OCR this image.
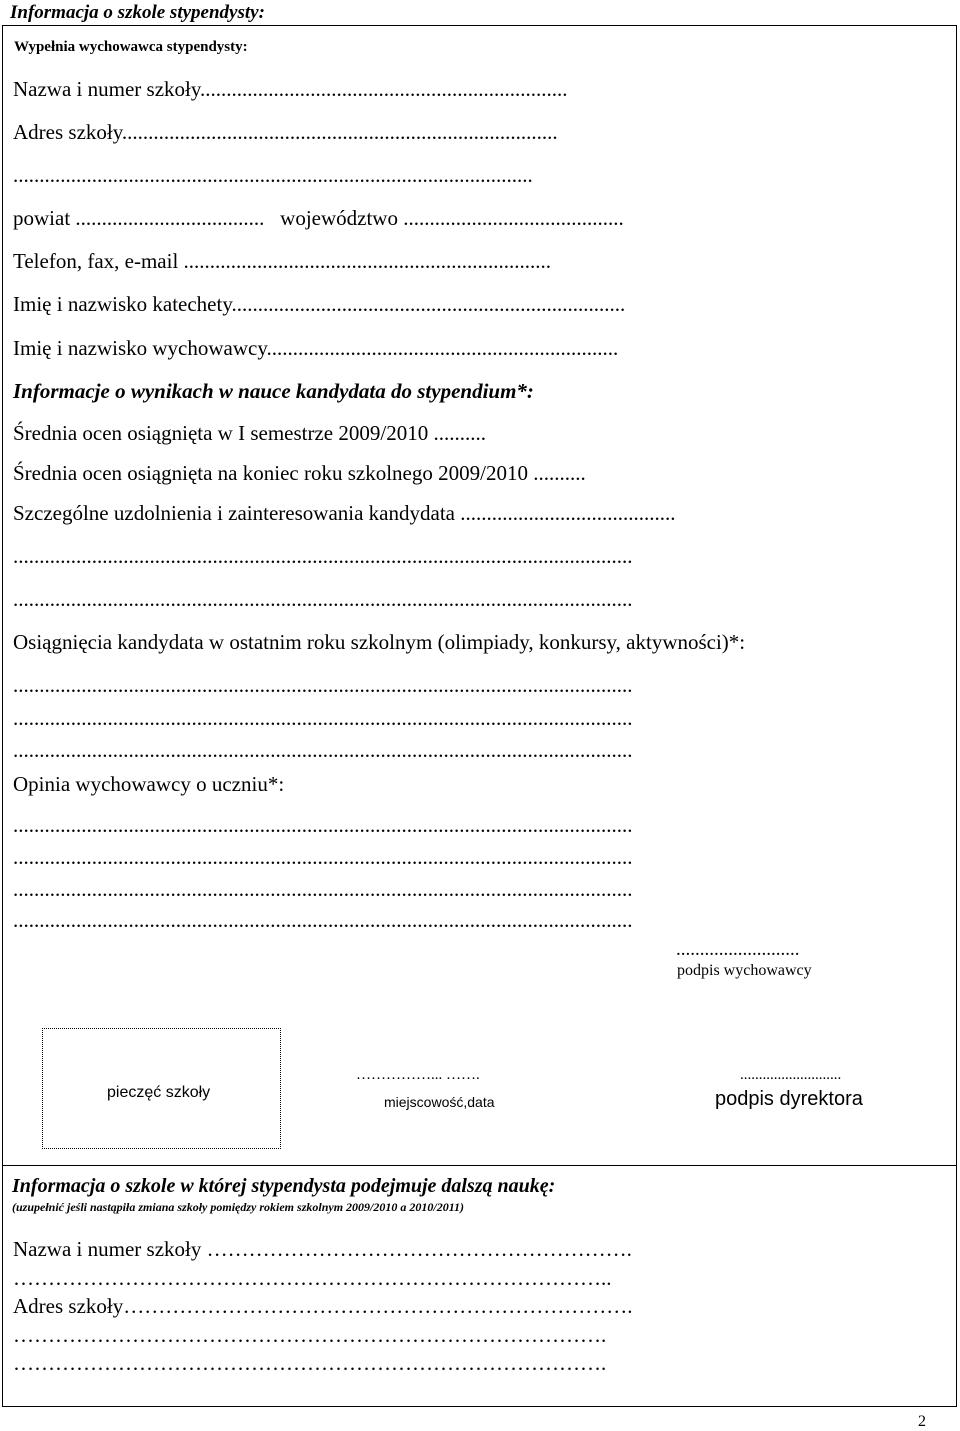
Informacja o szkole stypendysty:
Wypełnia wychowawca stypendysty:
Nazwa i numer szkoły......................................................................
Adres szkoły...................................................................................
...................................................................................................
powiat ....................................   województwo ..........................................
Telefon, fax, e-mail ......................................................................
Imię i nazwisko katechety...........................................................................
Imię i nazwisko wychowawcy...................................................................
Informacje o wynikach w nauce kandydata do stypendium*:
Średnia ocen osiągnięta w I semestrze 2009/2010 ..........
Średnia ocen osiągnięta na koniec roku szkolnego 2009/2010 ..........
Szczególne uzdolnienia i zainteresowania kandydata .........................................
......................................................................................................................
......................................................................................................................
Osiągnięcia kandydata w ostatnim roku szkolnym (olimpiady, konkursy, aktywności)*:
......................................................................................................................
......................................................................................................................
......................................................................................................................
Opinia wychowawcy o uczniu*:
......................................................................................................................
......................................................................................................................
......................................................................................................................
......................................................................................................................
..........................
podpis wychowawcy
pieczęć szkoły
……………... …….
miejscowość,data
...........................
podpis dyrektora
Informacja o szkole w której stypendysta podejmuje dalszą naukę:
(uzupełnić jeśli nastąpiła zmiana szkoły pomiędzy rokiem szkolnym 2009/2010 a 2010/2011)
Nazwa i numer szkoły …………………………………………………….
…………………………………………………………………………..
Adres szkoły……………………………………………………………….
………………………………………………………………………….
………………………………………………………………………….
2
